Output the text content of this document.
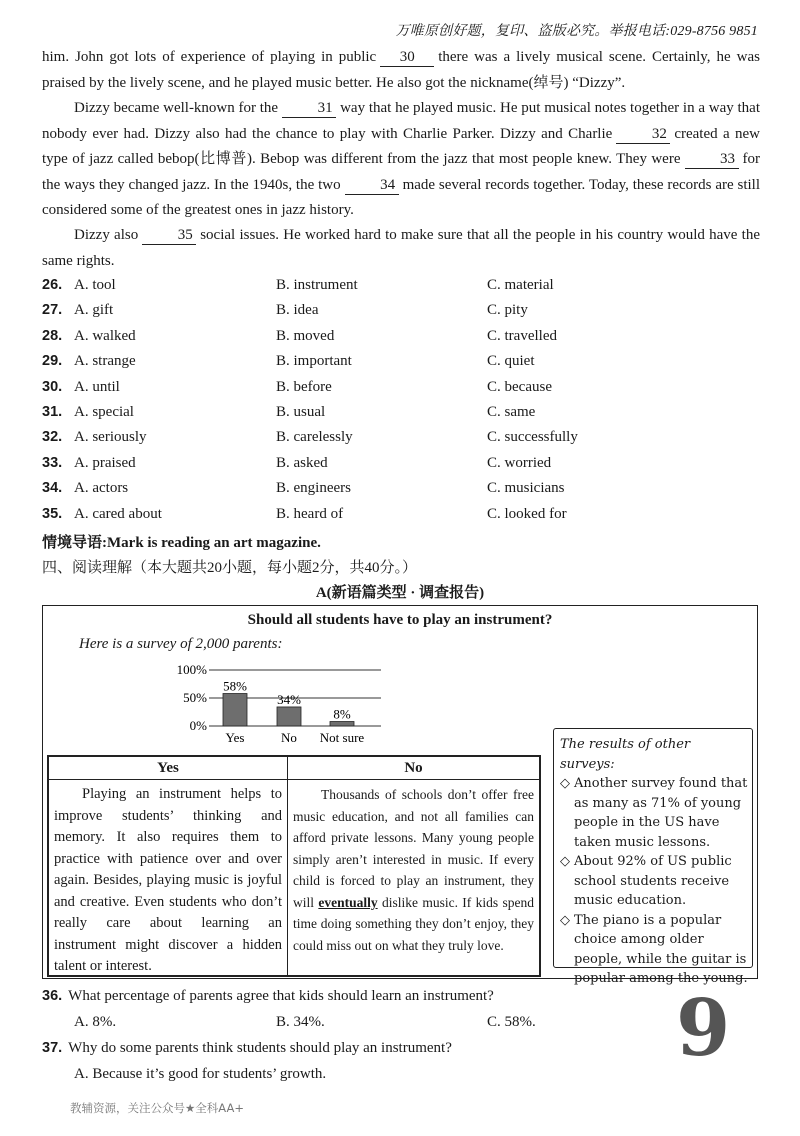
万唯原创好题，复印、盗版必究。举报电话:029-8756 9851
him. John got lots of experience of playing in public 30 there was a lively musical scene. Certainly, he was praised by the lively scene, and he played music better. He also got the nickname(绰号) “Dizzy”.
Dizzy became well-known for the	31 way that he played music. He put musical notes together in a way that nobody ever had. Dizzy also had the chance to play with Charlie Parker. Dizzy and Charlie	32 created a new type of jazz called bebop(比博普). Bebop was different from the jazz that most people knew. They were	33 for the ways they changed jazz. In the 1940s, the two	34 made several records together. Today, these records are still considered some of the greatest ones in jazz history.
Dizzy also	35 social issues. He worked hard to make sure that all the people in his country would have the same rights.
26. A. tool	B. instrument	C. material
27. A. gift	B. idea	C. pity
28. A. walked	B. moved	C. travelled
29. A. strange	B. important	C. quiet
30. A. until	B. before	C. because
31. A. special	B. usual	C. same
32. A. seriously	B. carelessly	C. successfully
33. A. praised	B. asked	C. worried
34. A. actors	B. engineers	C. musicians
35. A. cared about	B. heard of	C. looked for
情境导语:Mark is reading an art magazine.
四、阅读理解（本大题共20小题，每小题2分，共40分。）
A(新语篇类型 · 调查报告)
Should all students have to play an instrument?
Here is a survey of 2,000 parents:
100%
50%
0%
58%
Yes
34%
No
8%
Not sure
Yes
Playing an instrument helps to improve students’ thinking and memory. It also requires them to practice with patience over and over again. Besides, playing music is joyful and creative. Even students who don’t really care about learning an instrument might discover a hidden talent or interest.
No
Thousands of schools don’t offer free music education, and not all families can afford private lessons. Many young people simply aren’t interested in music. If every child is forced to play an instrument, they will eventually dislike music. If kids spend time doing something they don’t enjoy, they could miss out on what they truly love.
The results of other surveys:
◇ Another survey found that as many as 71% of young people in the US have taken music lessons.
◇ About 92% of US public school students receive music education.
◇ The piano is a popular choice among older people, while the guitar is popular among the young.
36. What percentage of parents agree that kids should learn an instrument?
A. 8%.	B. 34%.	C. 58%.
37. Why do some parents think students should play an instrument?
A. Because it’s good for students’ growth.	9
教辅资源，关注公众号★全科AA+
